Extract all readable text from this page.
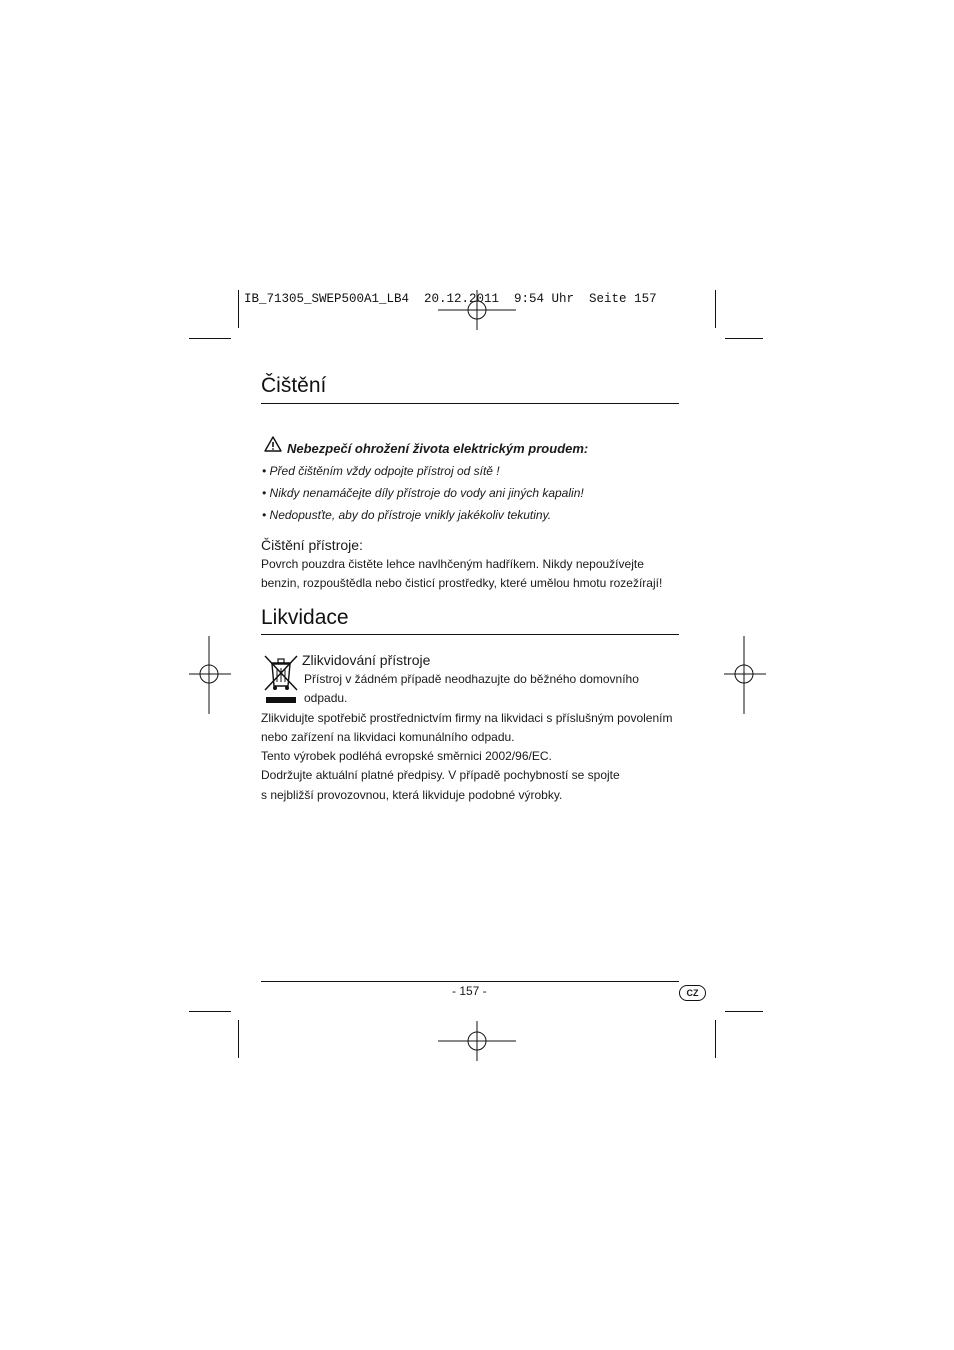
IB_71305_SWEP500A1_LB4  20.12.2011  9:54 Uhr  Seite 157
Čištění
Nebezpečí ohrožení života elektrickým proudem:
• Před čištěním vždy odpojte přístroj od sítě !
• Nikdy nenamáčejte díly přístroje do vody ani jiných kapalin!
• Nedopusťte, aby do přístroje vnikly jakékoliv tekutiny.
Čištění přístroje:
Povrch pouzdra čistěte lehce navlhčeným hadříkem. Nikdy nepoužívejte
benzin, rozpouštědla nebo čisticí prostředky, které umělou hmotu rozežírají!
Likvidace
Zlikvidování přístroje
Přístroj v žádném případě neodhazujte do běžného domovního
odpadu.
Zlikvidujte spotřebič prostřednictvím firmy na likvidaci s příslušným povolením
nebo zařízení na likvidaci komunálního odpadu.
Tento výrobek podléhá evropské směrnici 2002/96/EC.
Dodržujte aktuální platné předpisy. V případě pochybností se spojte
s nejbližší provozovnou, která likviduje podobné výrobky.
- 157 -	CZ
